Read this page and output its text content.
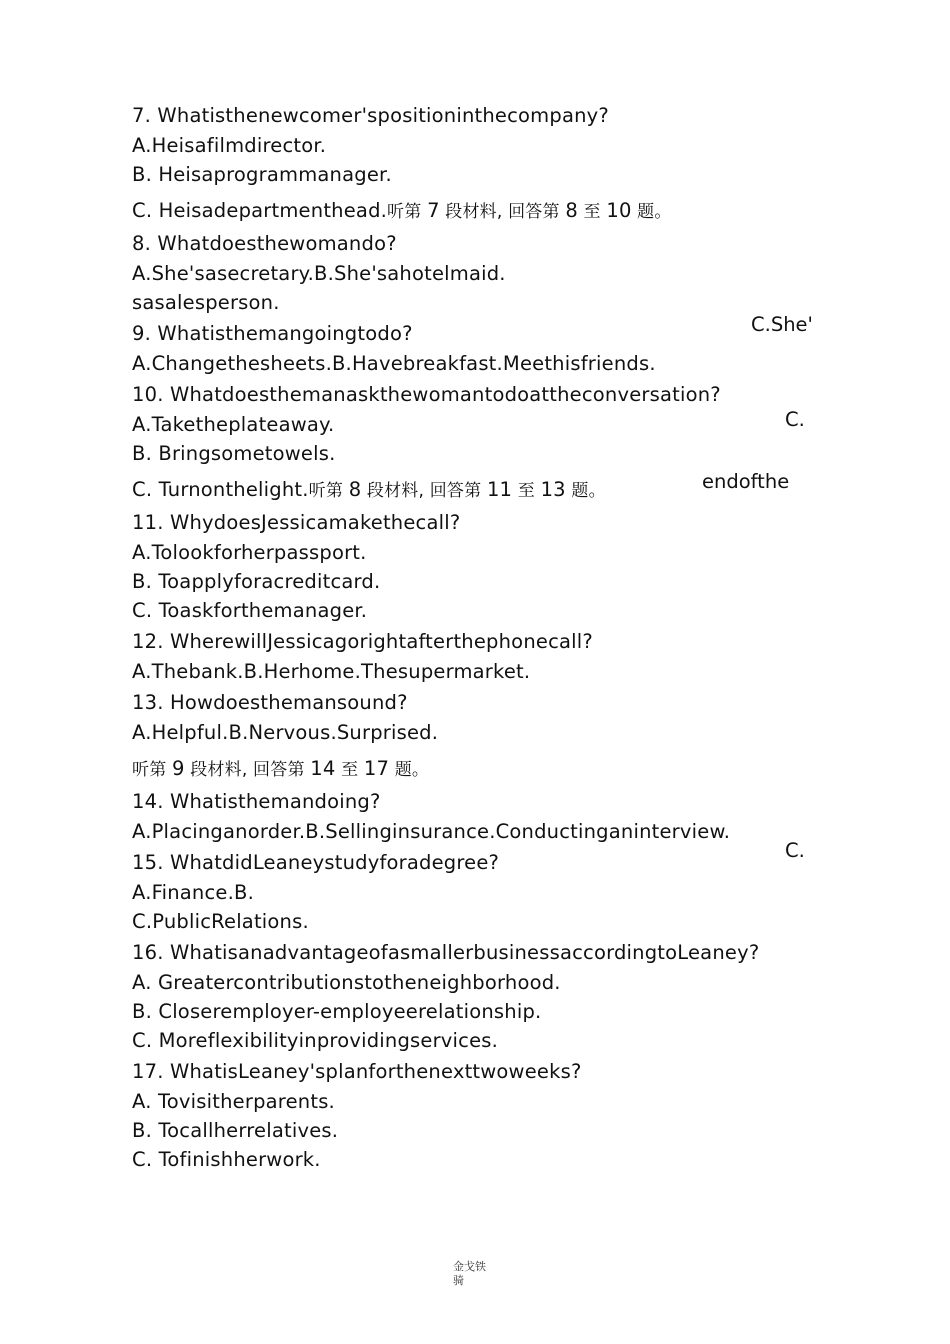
7. Whatisthenewcomer'spositioninthecompany?
A.Heisafilmdirector.
B. Heisaprogrammanager.
C. Heisadepartmenthead.听第 7 段材料, 回答第 8 至 10 题。
8. Whatdoesthewomando?
A.She'sasecretary.B.She'sahotelmaid.
sasalesperson.
9. Whatisthemangoingtodo?
A.Changethesheets.B.Havebreakfast.Meethisfriends.
10. Whatdoesthemanaskthewomantodoattheconversation?
A.Taketheplateaway.
B. Bringsometowels.
C. Turnonthelight.听第 8 段材料, 回答第 11 至 13 题。
11. WhydoesJessicamakethecall?
A.Tolookforherpassport.
B. Toapplyforacreditcard.
C. Toaskforthemanager.
12. WherewillJessicagorightafterthephonecall?
A.Thebank.B.Herhome.Thesupermarket.
13. Howdoesthemansound?
A.Helpful.B.Nervous.Surprised.
听第 9 段材料, 回答第 14 至 17 题。
14. Whatisthemandoing?
A.Placinganorder.B.Sellinginsurance.Conductinganinterview.
15. WhatdidLeaneystudyforadegree?
A.Finance.B.
C.PublicRelations.
16. WhatisanadvantageofasmallerbusinessaccordingtoLeaney?
A. Greatercontributionstotheneighborhood.
B. Closeremployer-employeerelationship.
C. Moreflexibilityinprovidingservices.
17. WhatisLeaney'splanforthenexttwoweeks?
A. Tovisitherparents.
B. Tocallherrelatives.
C. Tofinishherwork.
C.She'
C.
endofthe
C.
金戈铁
骑
